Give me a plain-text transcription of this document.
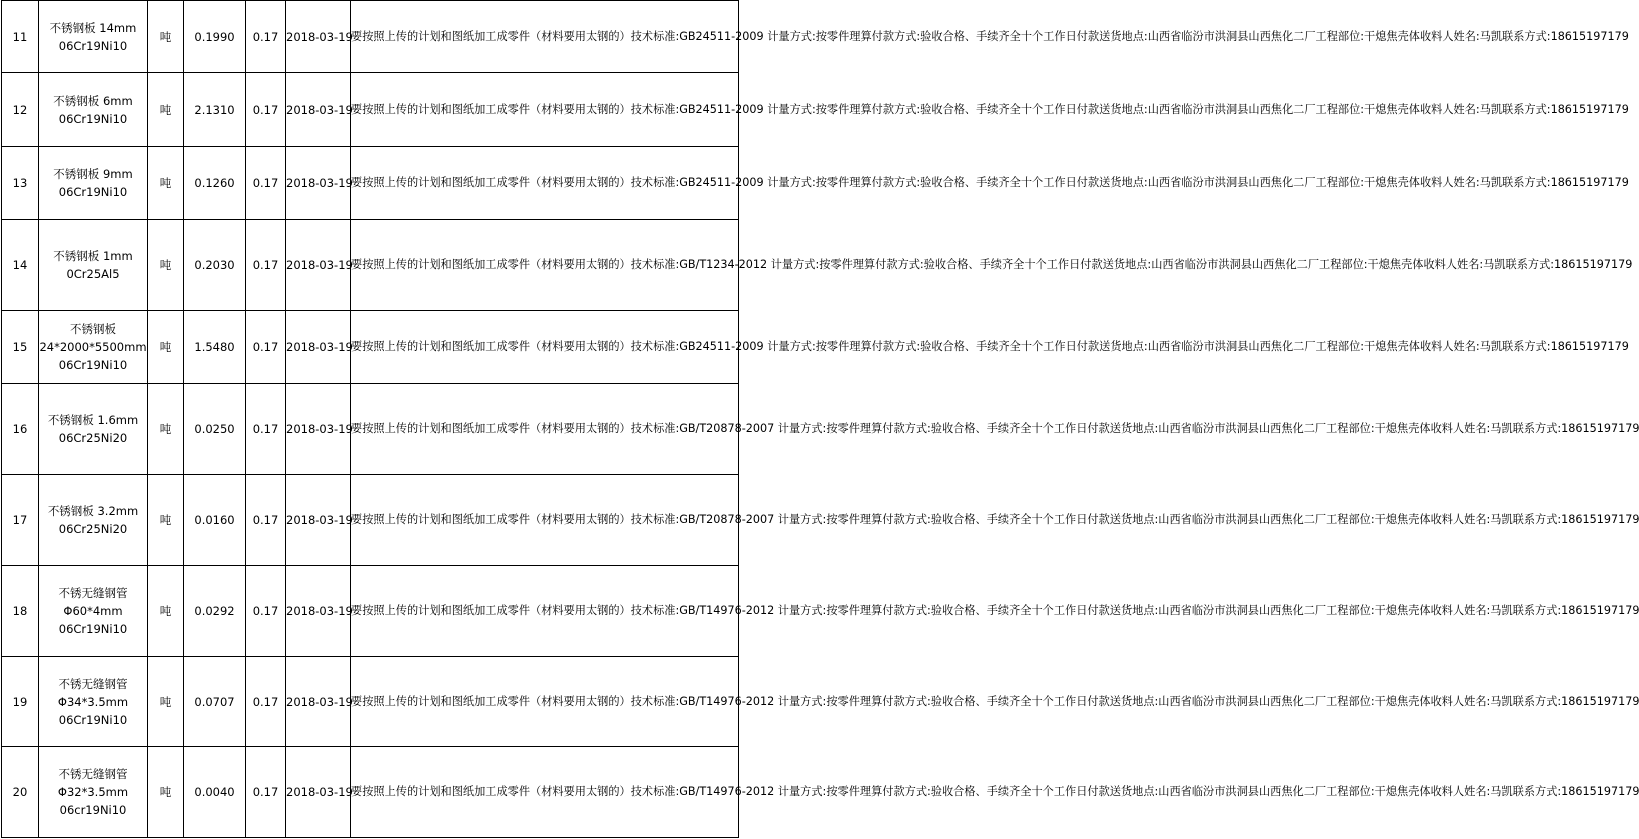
11	不锈钢板 14mm
06Cr19Ni10	吨	0.1990	0.17	2018-03-19	要按照上传的计划和图纸加工成零件（材料要用太钢的）技术标准:GB24511-2009 计量方式:按零件理算付款方式:验收合格、手续齐全十个工作日付款送货地点:山西省临汾市洪洞县山西焦化二厂工程部位:干熄焦壳体收料人姓名:马凯联系方式:18615197179
12	不锈钢板 6mm
06Cr19Ni10	吨	2.1310	0.17	2018-03-19	要按照上传的计划和图纸加工成零件（材料要用太钢的）技术标准:GB24511-2009 计量方式:按零件理算付款方式:验收合格、手续齐全十个工作日付款送货地点:山西省临汾市洪洞县山西焦化二厂工程部位:干熄焦壳体收料人姓名:马凯联系方式:18615197179
13	不锈钢板 9mm
06Cr19Ni10	吨	0.1260	0.17	2018-03-19	要按照上传的计划和图纸加工成零件（材料要用太钢的）技术标准:GB24511-2009 计量方式:按零件理算付款方式:验收合格、手续齐全十个工作日付款送货地点:山西省临汾市洪洞县山西焦化二厂工程部位:干熄焦壳体收料人姓名:马凯联系方式:18615197179
14	不锈钢板 1mm
0Cr25Al5	吨	0.2030	0.17	2018-03-19	要按照上传的计划和图纸加工成零件（材料要用太钢的）技术标准:GB/T1234-2012 计量方式:按零件理算付款方式:验收合格、手续齐全十个工作日付款送货地点:山西省临汾市洪洞县山西焦化二厂工程部位:干熄焦壳体收料人姓名:马凯联系方式:18615197179
15	不锈钢板
24*2000*5500mm
06Cr19Ni10	吨	1.5480	0.17	2018-03-19	要按照上传的计划和图纸加工成零件（材料要用太钢的）技术标准:GB24511-2009 计量方式:按零件理算付款方式:验收合格、手续齐全十个工作日付款送货地点:山西省临汾市洪洞县山西焦化二厂工程部位:干熄焦壳体收料人姓名:马凯联系方式:18615197179
16	不锈钢板 1.6mm
06Cr25Ni20	吨	0.0250	0.17	2018-03-19	要按照上传的计划和图纸加工成零件（材料要用太钢的）技术标准:GB/T20878-2007 计量方式:按零件理算付款方式:验收合格、手续齐全十个工作日付款送货地点:山西省临汾市洪洞县山西焦化二厂工程部位:干熄焦壳体收料人姓名:马凯联系方式:18615197179
17	不锈钢板 3.2mm
06Cr25Ni20	吨	0.0160	0.17	2018-03-19	要按照上传的计划和图纸加工成零件（材料要用太钢的）技术标准:GB/T20878-2007 计量方式:按零件理算付款方式:验收合格、手续齐全十个工作日付款送货地点:山西省临汾市洪洞县山西焦化二厂工程部位:干熄焦壳体收料人姓名:马凯联系方式:18615197179
18	不锈无缝钢管
Φ60*4mm
06Cr19Ni10	吨	0.0292	0.17	2018-03-19	要按照上传的计划和图纸加工成零件（材料要用太钢的）技术标准:GB/T14976-2012 计量方式:按零件理算付款方式:验收合格、手续齐全十个工作日付款送货地点:山西省临汾市洪洞县山西焦化二厂工程部位:干熄焦壳体收料人姓名:马凯联系方式:18615197179
19	不锈无缝钢管
Φ34*3.5mm
06Cr19Ni10	吨	0.0707	0.17	2018-03-19	要按照上传的计划和图纸加工成零件（材料要用太钢的）技术标准:GB/T14976-2012 计量方式:按零件理算付款方式:验收合格、手续齐全十个工作日付款送货地点:山西省临汾市洪洞县山西焦化二厂工程部位:干熄焦壳体收料人姓名:马凯联系方式:18615197179
20	不锈无缝钢管
Φ32*3.5mm
06cr19Ni10	吨	0.0040	0.17	2018-03-19	要按照上传的计划和图纸加工成零件（材料要用太钢的）技术标准:GB/T14976-2012 计量方式:按零件理算付款方式:验收合格、手续齐全十个工作日付款送货地点:山西省临汾市洪洞县山西焦化二厂工程部位:干熄焦壳体收料人姓名:马凯联系方式:18615197179
